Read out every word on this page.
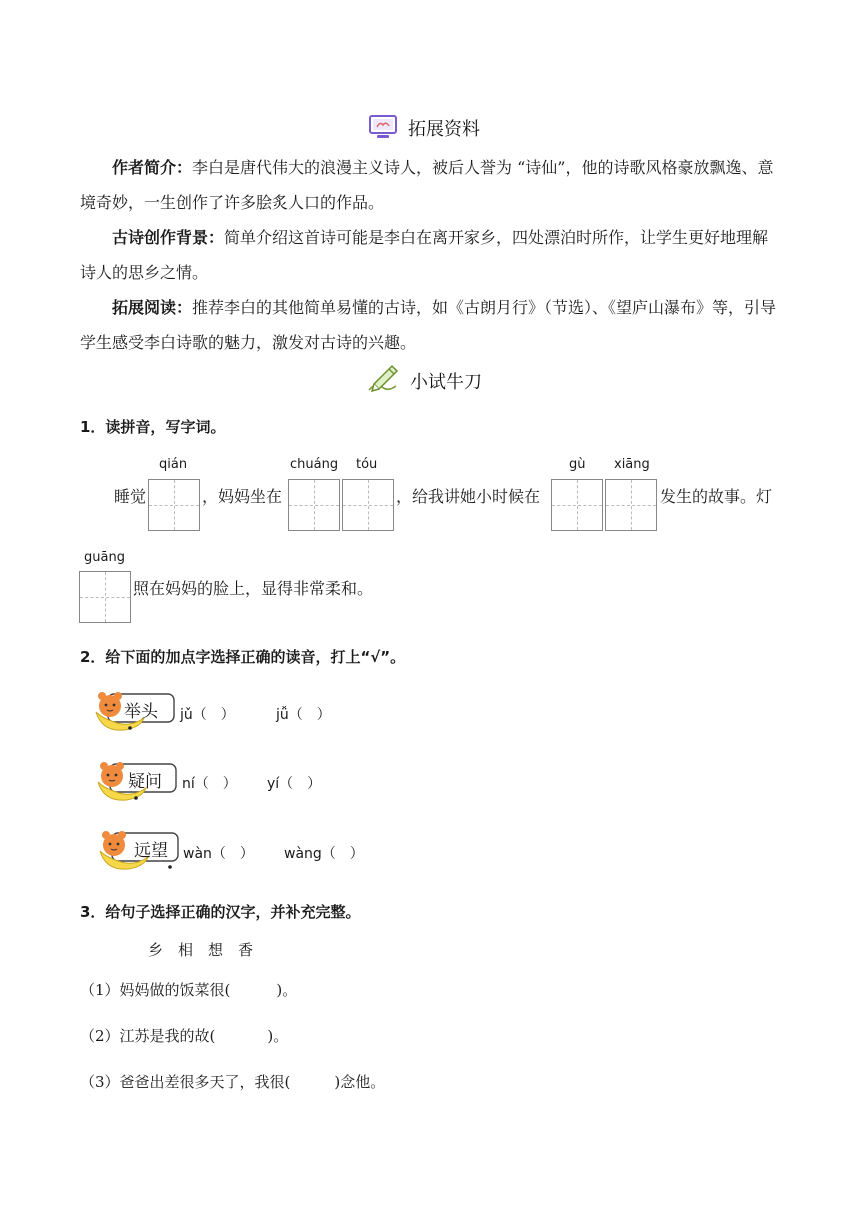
拓展资料
作者简介：李白是唐代伟大的浪漫主义诗人，被后人誉为 “诗仙”，他的诗歌风格豪放飘逸、意境奇妙，一生创作了许多脍炙人口的作品。
古诗创作背景：简单介绍这首诗可能是李白在离开家乡，四处漂泊时所作，让学生更好地理解诗人的思乡之情。
拓展阅读：推荐李白的其他简单易懂的古诗，如《古朗月行》（节选）、《望庐山瀑布》等，引导学生感受李白诗歌的魅力，激发对古诗的兴趣。
小试牛刀
1．读拼音，写字词。
qián	chuáng tóu	gù xiāng
睡觉	，妈妈坐在	，给我讲她小时候在	发生的故事。灯
guāng
照在妈妈的脸上，显得非常柔和。
2．给下面的加点字选择正确的读音，打上“√”。
举头 jǔ（　）	jǚ（　）
疑问 ní（　） yí（　）
远望 wàn（　） wàng（　）
3．给句子选择正确的汉字，并补充完整。
乡　相　想　香
（1）妈妈做的饭菜很(	)。
（2）江苏是我的故(	)。
（3）爸爸出差很多天了，我很(	)念他。
